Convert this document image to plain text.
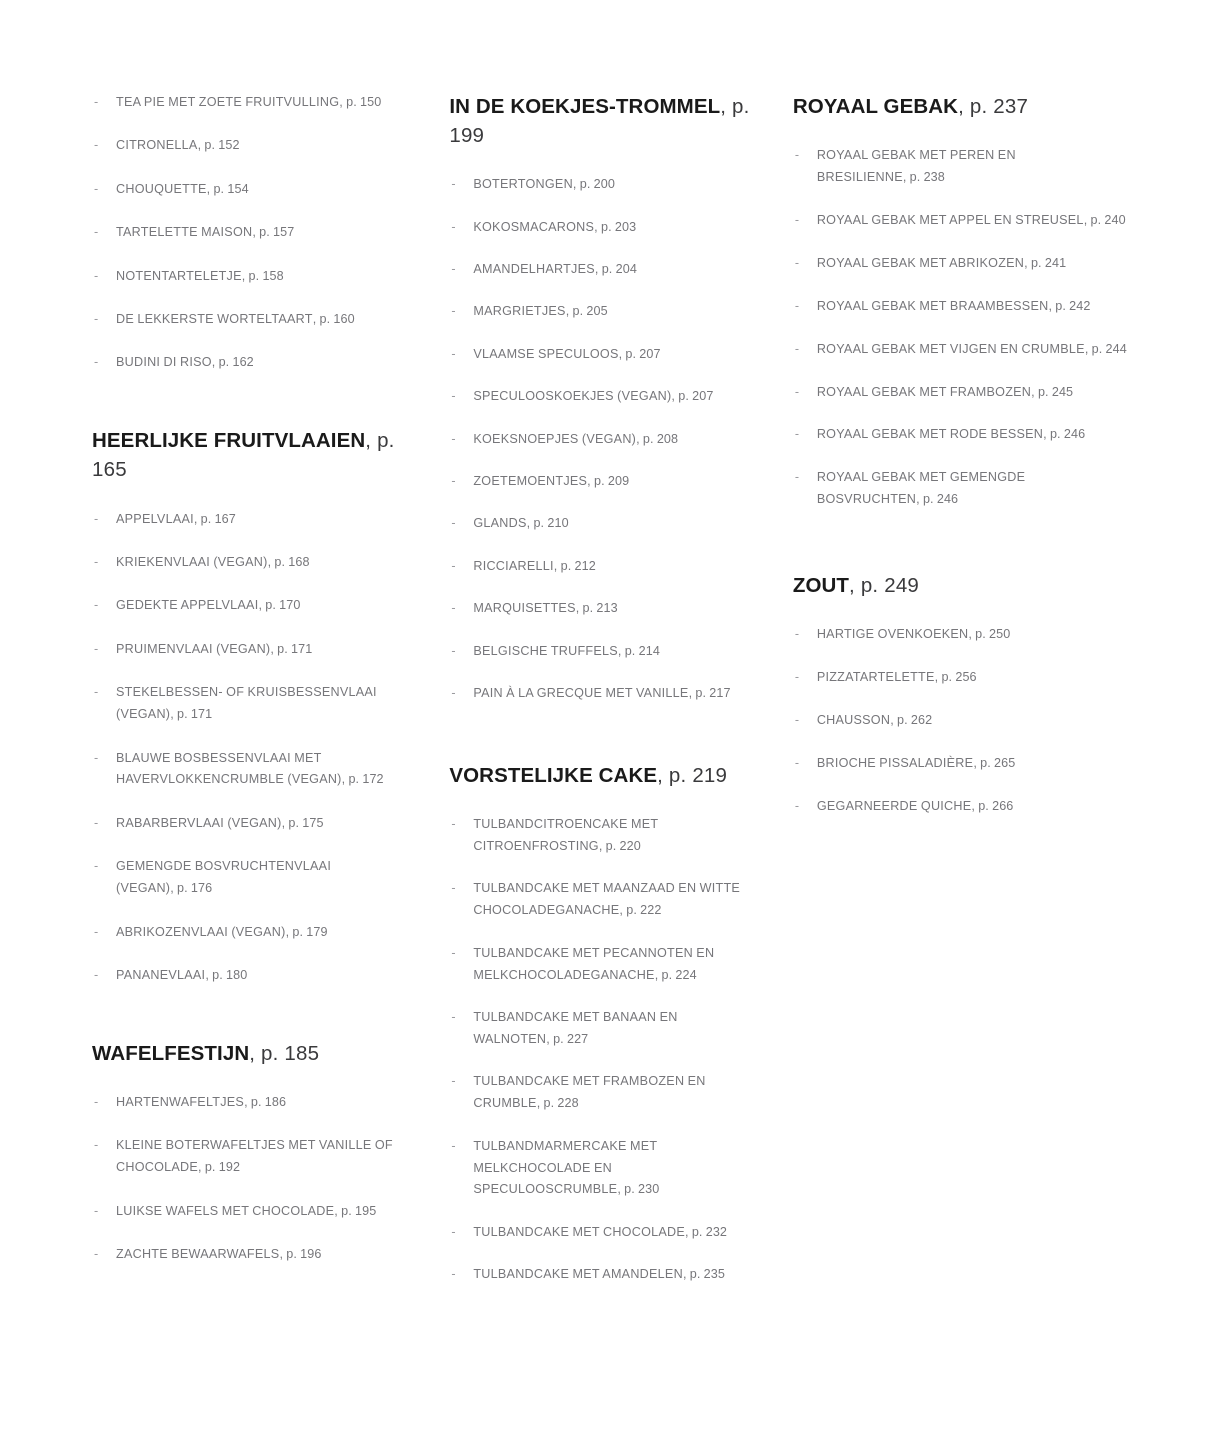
- TEA PIE MET ZOETE FRUITVULLING, p. 150
- CITRONELLA, p. 152
- CHOUQUETTE, p. 154
- TARTELETTE MAISON, p. 157
- NOTENTARTELETJE, p. 158
- DE LEKKERSTE WORTELTAART, p. 160
- BUDINI DI RISO, p. 162
HEERLIJKE FRUITVLAAIEN, p. 165
- APPELVLAAI, p. 167
- KRIEKENVLAAI (VEGAN), p. 168
- GEDEKTE APPELVLAAI, p. 170
- PRUIMENVLAAI (VEGAN), p. 171
- STEKELBESSEN- OF KRUISBESSENVLAAI (VEGAN), p. 171
- BLAUWE BOSBESSENVLAAI MET HAVERVLOKKENCRUMBLE (VEGAN), p. 172
- RABARBERVLAAI (VEGAN), p. 175
- GEMENGDE BOSVRUCHTENVLAAI (VEGAN), p. 176
- ABRIKOZENVLAAI (VEGAN), p. 179
- PANANEVLAAI, p. 180
WAFELFESTIJN, p. 185
- HARTENWAFELTJES, p. 186
- KLEINE BOTERWAFELTJES MET VANILLE OF CHOCOLADE, p. 192
- LUIKSE WAFELS MET CHOCOLADE, p. 195
- ZACHTE BEWAARWAFELS, p. 196
IN DE KOEKJES-TROMMEL, p. 199
- BOTERTONGEN, p. 200
- KOKOSMACARONS, p. 203
- AMANDELHARTJES, p. 204
- MARGRIETJES, p. 205
- VLAAMSE SPECULOOS, p. 207
- SPECULOOSKOEKJES (VEGAN), p. 207
- KOEKSNOEPJES (VEGAN), p. 208
- ZOETEMOENTJES, p. 209
- GLANDS, p. 210
- RICCIARELLI, p. 212
- MARQUISETTES, p. 213
- BELGISCHE TRUFFELS, p. 214
- PAIN À LA GRECQUE MET VANILLE, p. 217
VORSTELIJKE CAKE, p. 219
- TULBANDCITROENCAKE MET CITROENFROSTING, p. 220
- TULBANDCAKE MET MAANZAAD EN WITTE CHOCOLADEGANACHE, p. 222
- TULBANDCAKE MET PECANNOTEN EN MELKCHOCOLADEGANACHE, p. 224
- TULBANDCAKE MET BANAAN EN WALNOTEN, p. 227
- TULBANDCAKE MET FRAMBOZEN EN CRUMBLE, p. 228
- TULBANDMARMERCAKE MET MELKCHOCOLADE EN SPECULOOSCRUMBLE, p. 230
- TULBANDCAKE MET CHOCOLADE, p. 232
- TULBANDCAKE MET AMANDELEN, p. 235
ROYAAL GEBAK, p. 237
- ROYAAL GEBAK MET PEREN EN BRESILIENNE, p. 238
- ROYAAL GEBAK MET APPEL EN STREUSEL, p. 240
- ROYAAL GEBAK MET ABRIKOZEN, p. 241
- ROYAAL GEBAK MET BRAAMBESSEN, p. 242
- ROYAAL GEBAK MET VIJGEN EN CRUMBLE, p. 244
- ROYAAL GEBAK MET FRAMBOZEN, p. 245
- ROYAAL GEBAK MET RODE BESSEN, p. 246
- ROYAAL GEBAK MET GEMENGDE BOSVRUCHTEN, p. 246
ZOUT, p. 249
- HARTIGE OVENKOEKEN, p. 250
- PIZZATARTELETTE, p. 256
- CHAUSSON, p. 262
- BRIOCHE PISSALADIÈRE, p. 265
- GEGARNEERDE QUICHE, p. 266
